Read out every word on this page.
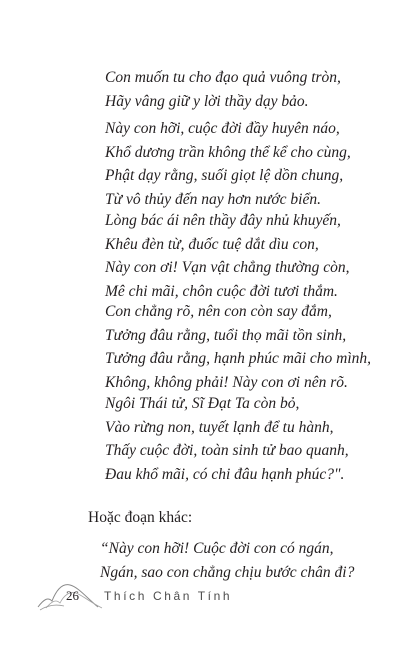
Con muốn tu cho đạo quả vuông tròn,
Hãy vâng giữ y lời thầy dạy bảo.
Này con hỡi, cuộc đời đầy huyên náo,
Khổ dương trần không thể kể cho cùng,
Phật dạy rằng, suối giọt lệ dồn chung,
Từ vô thủy đến nay hơn nước biển.
Lòng bác ái nên thầy đây nhủ khuyến,
Khêu đèn từ, đuốc tuệ dắt dìu con,
Này con ơi! Vạn vật chẳng thường còn,
Mê chi mãi, chôn cuộc đời tươi thắm.
Con chẳng rõ, nên con còn say đắm,
Tưởng đâu rằng, tuổi thọ mãi tồn sinh,
Tưởng đâu rằng, hạnh phúc mãi cho mình,
Không, không phải! Này con ơi nên rõ.
Ngôi Thái tử, Sĩ Đạt Ta còn bỏ,
Vào rừng non, tuyết lạnh để tu hành,
Thấy cuộc đời, toàn sinh tử bao quanh,
Đau khổ mãi, có chi đâu hạnh phúc?".
Hoặc đoạn khác:
“Này con hỡi! Cuộc đời con có ngán,
Ngán, sao con chẳng chịu bước chân đi?
26 Thích Chân Tính
